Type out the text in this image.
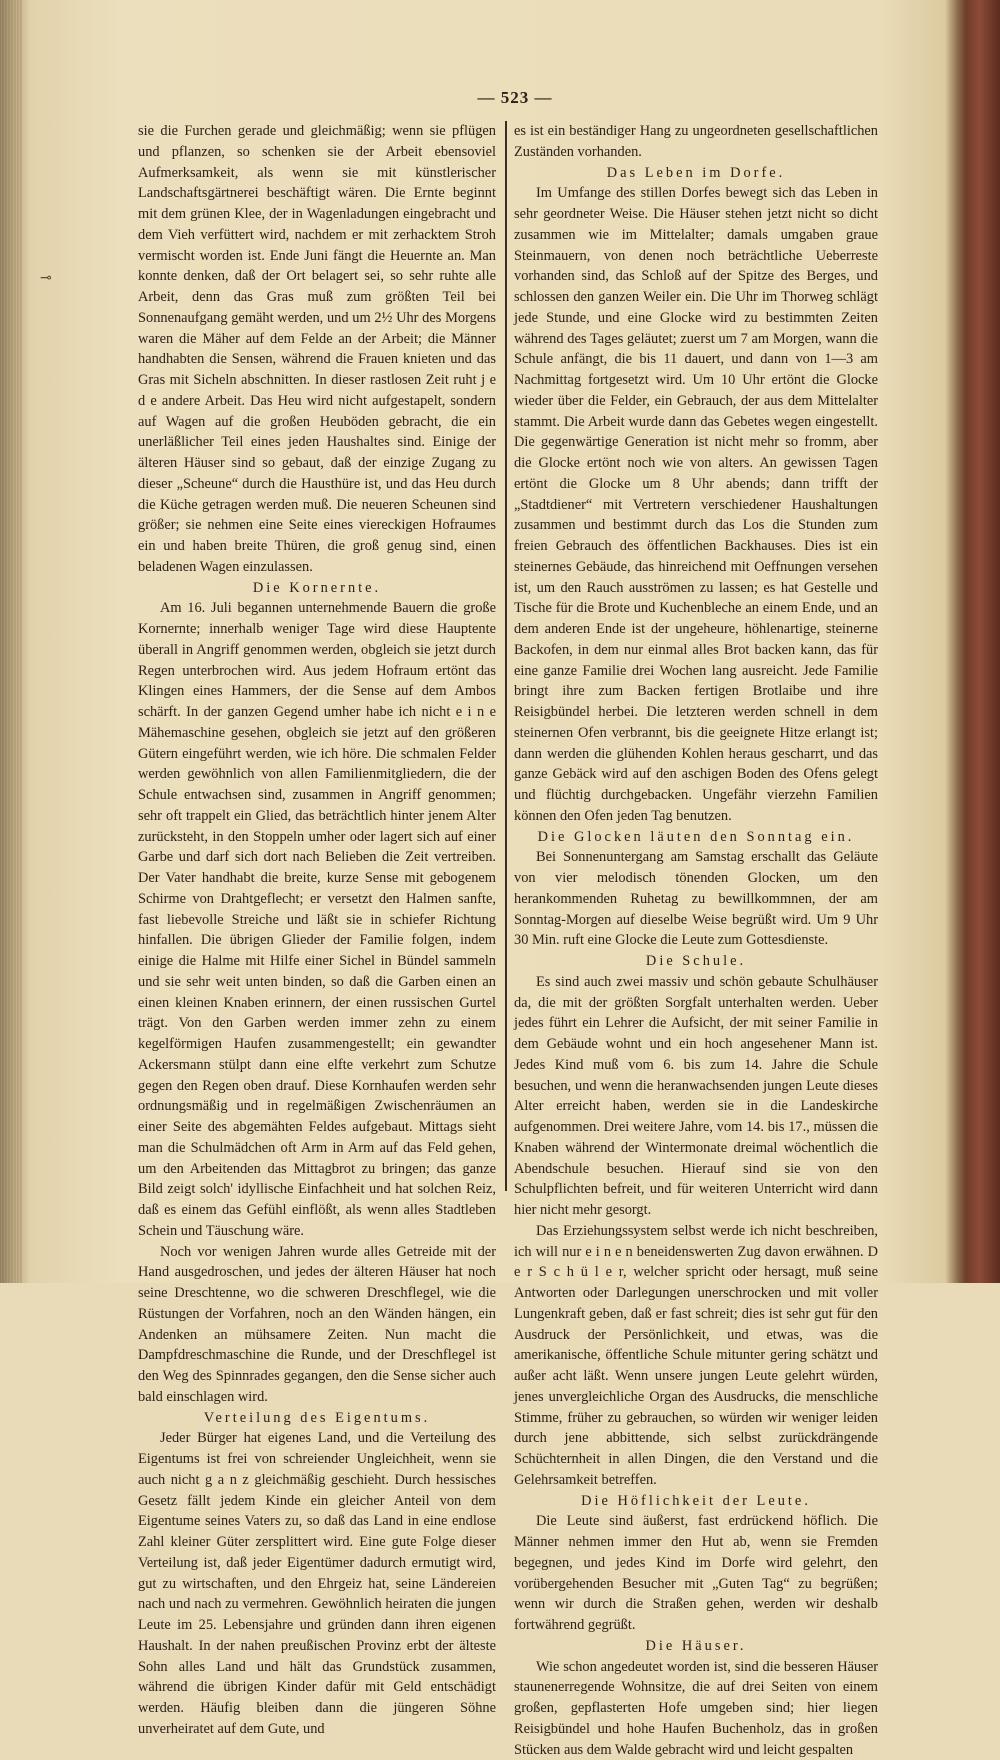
⊸
— 523 —

sie die Furchen gerade und gleichmäßig; wenn sie pflügen und pflanzen, so schenken sie der Arbeit ebensoviel Aufmerksamkeit, als wenn sie mit künstlerischer Landschaftsgärtnerei beschäftigt wären. Die Ernte beginnt mit dem grünen Klee, der in Wagenladungen eingebracht und dem Vieh verfüttert wird, nachdem er mit zerhacktem Stroh vermischt worden ist. Ende Juni fängt die Heuernte an. Man konnte denken, daß der Ort belagert sei, so sehr ruhte alle Arbeit, denn das Gras muß zum größten Teil bei Sonnenaufgang gemäht werden, und um 2½ Uhr des Morgens waren die Mäher auf dem Felde an der Arbeit; die Männer handhabten die Sensen, während die Frauen knieten und das Gras mit Sicheln abschnitten. In dieser rastlosen Zeit ruht j e d e andere Arbeit. Das Heu wird nicht aufgestapelt, sondern auf Wagen auf die großen Heuböden gebracht, die ein unerläßlicher Teil eines jeden Haushaltes sind. Einige der älteren Häuser sind so gebaut, daß der einzige Zugang zu dieser „Scheune“ durch die Hausthüre ist, und das Heu durch die Küche getragen werden muß. Die neueren Scheunen sind größer; sie nehmen eine Seite eines viereckigen Hofraumes ein und haben breite Thüren, die groß genug sind, einen beladenen Wagen einzulassen.

Die Kornernte.

Am 16. Juli begannen unternehmende Bauern die große Kornernte; innerhalb weniger Tage wird diese Hauptente überall in Angriff genommen werden, obgleich sie jetzt durch Regen unterbrochen wird. Aus jedem Hofraum ertönt das Klingen eines Hammers, der die Sense auf dem Ambos schärft. In der ganzen Gegend umher habe ich nicht e i n e Mähemaschine gesehen, obgleich sie jetzt auf den größeren Gütern eingeführt werden, wie ich höre. Die schmalen Felder werden gewöhnlich von allen Familienmitgliedern, die der Schule entwachsen sind, zusammen in Angriff genommen; sehr oft trappelt ein Glied, das beträchtlich hinter jenem Alter zurücksteht, in den Stoppeln umher oder lagert sich auf einer Garbe und darf sich dort nach Belieben die Zeit vertreiben. Der Vater handhabt die breite, kurze Sense mit gebogenem Schirme von Drahtgeflecht; er versetzt den Halmen sanfte, fast liebevolle Streiche und läßt sie in schiefer Richtung hinfallen. Die übrigen Glieder der Familie folgen, indem einige die Halme mit Hilfe einer Sichel in Bündel sammeln und sie sehr weit unten binden, so daß die Garben einen an einen kleinen Knaben erinnern, der einen russischen Gurtel trägt. Von den Garben werden immer zehn zu einem kegelförmigen Haufen zusammengestellt; ein gewandter Ackersmann stülpt dann eine elfte verkehrt zum Schutze gegen den Regen oben drauf. Diese Kornhaufen werden sehr ordnungsmäßig und in regelmäßigen Zwischenräumen an einer Seite des abgemähten Feldes aufgebaut. Mittags sieht man die Schulmädchen oft Arm in Arm auf das Feld gehen, um den Arbeitenden das Mittagbrot zu bringen; das ganze Bild zeigt solch' idyllische Einfachheit und hat solchen Reiz, daß es einem das Gefühl einflößt, als wenn alles Stadtleben Schein und Täuschung wäre.

Noch vor wenigen Jahren wurde alles Getreide mit der Hand ausgedroschen, und jedes der älteren Häuser hat noch seine Dreschtenne, wo die schweren Dreschflegel, wie die Rüstungen der Vorfahren, noch an den Wänden hängen, ein Andenken an mühsamere Zeiten. Nun macht die Dampfdreschmaschine die Runde, und der Dreschflegel ist den Weg des Spinnrades gegangen, den die Sense sicher auch bald einschlagen wird.

Verteilung des Eigentums.

Jeder Bürger hat eigenes Land, und die Verteilung des Eigentums ist frei von schreiender Ungleichheit, wenn sie auch nicht g a n z gleichmäßig geschieht. Durch hessisches Gesetz fällt jedem Kinde ein gleicher Anteil von dem Eigentume seines Vaters zu, so daß das Land in eine endlose Zahl kleiner Güter zersplittert wird. Eine gute Folge dieser Verteilung ist, daß jeder Eigentümer dadurch ermutigt wird, gut zu wirtschaften, und den Ehrgeiz hat, seine Ländereien nach und nach zu vermehren. Gewöhnlich heiraten die jungen Leute im 25. Lebensjahre und gründen dann ihren eigenen Haushalt. In der nahen preußischen Provinz erbt der älteste Sohn alles Land und hält das Grundstück zusammen, während die übrigen Kinder dafür mit Geld entschädigt werden. Häufig bleiben dann die jüngeren Söhne unverheiratet auf dem Gute, und

es ist ein beständiger Hang zu ungeordneten gesellschaftlichen Zuständen vorhanden.

Das Leben im Dorfe.

Im Umfange des stillen Dorfes bewegt sich das Leben in sehr geordneter Weise. Die Häuser stehen jetzt nicht so dicht zusammen wie im Mittelalter; damals umgaben graue Steinmauern, von denen noch beträchtliche Ueberreste vorhanden sind, das Schloß auf der Spitze des Berges, und schlossen den ganzen Weiler ein. Die Uhr im Thorweg schlägt jede Stunde, und eine Glocke wird zu bestimmten Zeiten während des Tages geläutet; zuerst um 7 am Morgen, wann die Schule anfängt, die bis 11 dauert, und dann von 1—3 am Nachmittag fortgesetzt wird. Um 10 Uhr ertönt die Glocke wieder über die Felder, ein Gebrauch, der aus dem Mittelalter stammt. Die Arbeit wurde dann das Gebetes wegen eingestellt. Die gegenwärtige Generation ist nicht mehr so fromm, aber die Glocke ertönt noch wie von alters. An gewissen Tagen ertönt die Glocke um 8 Uhr abends; dann trifft der „Stadtdiener“ mit Vertretern verschiedener Haushaltungen zusammen und bestimmt durch das Los die Stunden zum freien Gebrauch des öffentlichen Backhauses. Dies ist ein steinernes Gebäude, das hinreichend mit Oeffnungen versehen ist, um den Rauch ausströmen zu lassen; es hat Gestelle und Tische für die Brote und Kuchenbleche an einem Ende, und an dem anderen Ende ist der ungeheure, höhlenartige, steinerne Backofen, in dem nur einmal alles Brot backen kann, das für eine ganze Familie drei Wochen lang ausreicht. Jede Familie bringt ihre zum Backen fertigen Brotlaibe und ihre Reisigbündel herbei. Die letzteren werden schnell in dem steinernen Ofen verbrannt, bis die geeignete Hitze erlangt ist; dann werden die glühenden Kohlen heraus gescharrt, und das ganze Gebäck wird auf den aschigen Boden des Ofens gelegt und flüchtig durchgebacken. Ungefähr vierzehn Familien können den Ofen jeden Tag benutzen.

Die Glocken läuten den Sonntag ein.

Bei Sonnenuntergang am Samstag erschallt das Geläute von vier melodisch tönenden Glocken, um den herankommenden Ruhetag zu bewillkommnen, der am Sonntag-Morgen auf dieselbe Weise begrüßt wird. Um 9 Uhr 30 Min. ruft eine Glocke die Leute zum Gottesdienste.

Die Schule.

Es sind auch zwei massiv und schön gebaute Schulhäuser da, die mit der größten Sorgfalt unterhalten werden. Ueber jedes führt ein Lehrer die Aufsicht, der mit seiner Familie in dem Gebäude wohnt und ein hoch angesehener Mann ist. Jedes Kind muß vom 6. bis zum 14. Jahre die Schule besuchen, und wenn die heranwachsenden jungen Leute dieses Alter erreicht haben, werden sie in die Landeskirche aufgenommen. Drei weitere Jahre, vom 14. bis 17., müssen die Knaben während der Wintermonate dreimal wöchentlich die Abendschule besuchen. Hierauf sind sie von den Schulpflichten befreit, und für weiteren Unterricht wird dann hier nicht mehr gesorgt.

Das Erziehungssystem selbst werde ich nicht beschreiben, ich will nur e i n e n beneidenswerten Zug davon erwähnen. D e r S c h ü l e r, welcher spricht oder hersagt, muß seine Antworten oder Darlegungen unerschrocken und mit voller Lungenkraft geben, daß er fast schreit; dies ist sehr gut für den Ausdruck der Persönlichkeit, und etwas, was die amerikanische, öffentliche Schule mitunter gering schätzt und außer acht läßt. Wenn unsere jungen Leute gelehrt würden, jenes unvergleichliche Organ des Ausdrucks, die menschliche Stimme, früher zu gebrauchen, so würden wir weniger leiden durch jene abbittende, sich selbst zurückdrängende Schüchternheit in allen Dingen, die den Verstand und die Gelehrsamkeit betreffen.

Die Höflichkeit der Leute.

Die Leute sind äußerst, fast erdrückend höflich. Die Männer nehmen immer den Hut ab, wenn sie Fremden begegnen, und jedes Kind im Dorfe wird gelehrt, den vorübergehenden Besucher mit „Guten Tag“ zu begrüßen; wenn wir durch die Straßen gehen, werden wir deshalb fortwährend gegrüßt.

Die Häuser.

Wie schon angedeutet worden ist, sind die besseren Häuser staunenerregende Wohnsitze, die auf drei Seiten von einem großen, gepflasterten Hofe umgeben sind; hier liegen Reisigbündel und hohe Haufen Buchenholz, das in großen Stücken aus dem Walde gebracht wird und leicht gespalten
